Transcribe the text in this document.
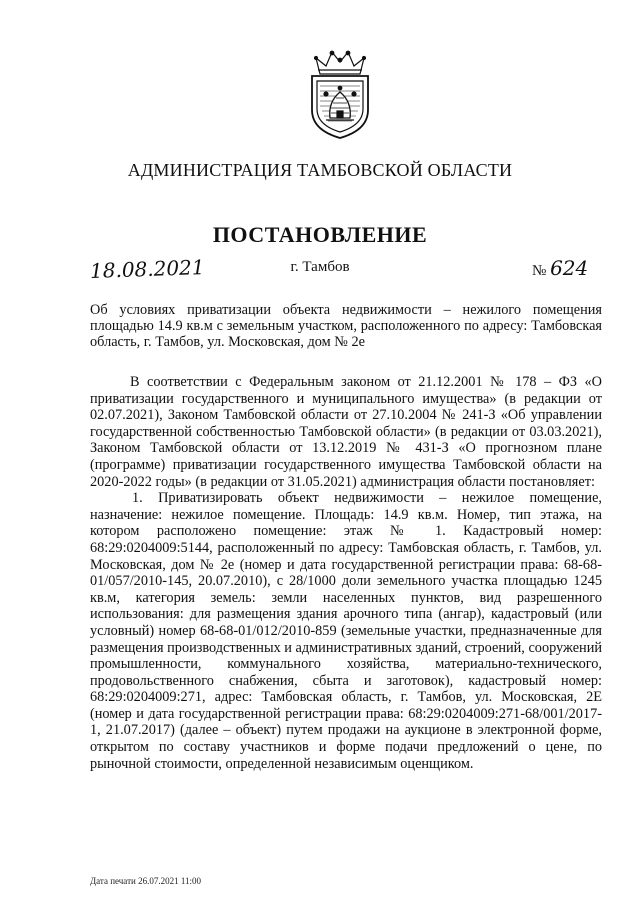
АДМИНИСТРАЦИЯ ТАМБОВСКОЙ ОБЛАСТИ
ПОСТАНОВЛЕНИЕ
18.08.2021	г. Тамбов	№ 624
Об условиях приватизации объекта недвижимости – нежилого помещения площадью 14.9 кв.м с земельным участком, расположенного по адресу: Тамбовская область, г. Тамбов, ул. Московская, дом № 2е

В соответствии с Федеральным законом от 21.12.2001 № 178 – ФЗ «О приватизации государственного и муниципального имущества» (в редакции от 02.07.2021), Законом Тамбовской области от 27.10.2004 № 241-З «Об управлении государственной собственностью Тамбовской области» (в редакции от 03.03.2021), Законом Тамбовской области от 13.12.2019 № 431-З «О прогнозном плане (программе) приватизации государственного имущества Тамбовской области на 2020-2022 годы» (в редакции от 31.05.2021) администрация области постановляет:

1. Приватизировать объект недвижимости – нежилое помещение, назначение: нежилое помещение. Площадь: 14.9 кв.м. Номер, тип этажа, на котором расположено помещение: этаж № 1. Кадастровый номер: 68:29:0204009:5144, расположенный по адресу: Тамбовская область, г. Тамбов, ул. Московская, дом № 2е (номер и дата государственной регистрации права: 68-68-01/057/2010-145, 20.07.2010), с 28/1000 доли земельного участка площадью 1245 кв.м, категория земель: земли населенных пунктов, вид разрешенного использования: для размещения здания арочного типа (ангар), кадастровый (или условный) номер 68-68-01/012/2010-859 (земельные участки, предназначенные для размещения производственных и административных зданий, строений, сооружений промышленности, коммунального хозяйства, материально-технического, продовольственного снабжения, сбыта и заготовок), кадастровый номер: 68:29:0204009:271, адрес: Тамбовская область, г. Тамбов, ул. Московская, 2Е (номер и дата государственной регистрации права: 68:29:0204009:271-68/001/2017-1, 21.07.2017) (далее – объект) путем продажи на аукционе в электронной форме, открытом по составу участников и форме подачи предложений о цене, по рыночной стоимости, определенной независимым оценщиком.

Дата печати 26.07.2021 11:00
